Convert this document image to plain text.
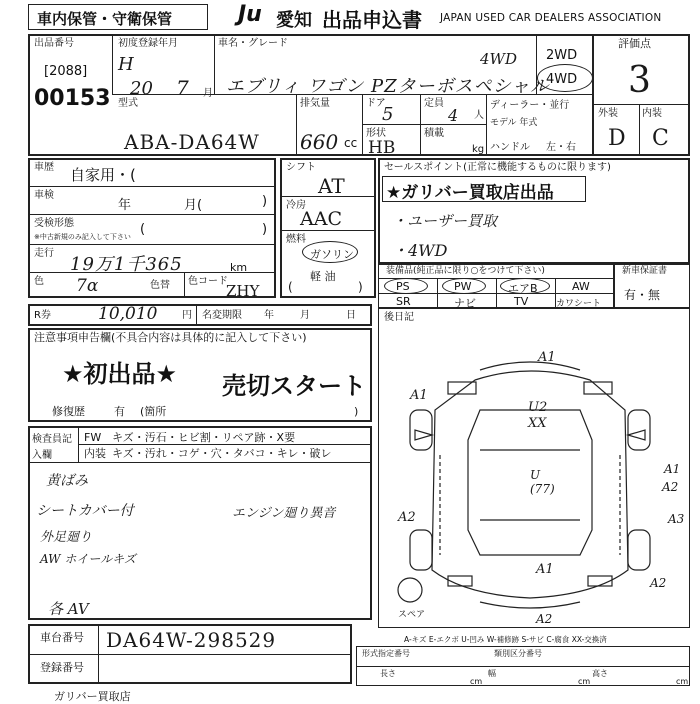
車内保管・守衛保管	Ju 愛知 出品申込書 JAPAN USED CAR DEALERS ASSOCIATION
出品番号
[2088]
00153
初度登録年月
H
20 7 月
車名・グレード
4WD
エブリィ ワゴン PZターボスペシャル
2WD
4WD
評価点
3
外装 内装
D C
型式
ABA-DA64W
排気量
660 cc
ドア
5
形状
HB
定員
4 人
積載
kg
ディーラー・並行
モデル 年式
ハンドル 左・右
車歴 自家用・(
車検
年	月(	)
受検形態
※中古新規のみ記入して下さい (	)
走行
19万1千365	km
色 7α	色替 色コード
ZHY
シフト
AT
冷房
AAC
燃料
ガソリン
軽 油
(	)
セールスポイント(正常に機能するものに限ります)
★ガリバー買取店出品
・ユーザー買取
・4WD
装備品(純正品に限り○をつけて下さい)
PS	PW	エアB	AW
SR	ナビ	TV	カワシート
新車保証書
有・無
R券	10,010 円 名変期限 年	月	日	後日記
注意事項申告欄(不具合内容は具体的に記入して下さい)
★初出品★ 売切スタート
修復歴	有 (箇所	)
検査員記入欄
FW キズ・汚石・ヒビ割・リペア跡・X要
内装 キズ・汚れ・コゲ・穴・タバコ・キレ・破レ
黄ばみ
シートカバー付	エンジン廻り異音
外足廻り
AW ホイールキズ
各 AV
A1
A1
U2 XX
U (77)
A2
A1
A2
A3
A1
A2
A2
スペア
A-キズ E-エクボ U-凹み W-補修跡 S-サビ C-腐食 XX-交換済
車台番号 DA64W-298529
登録番号
形式指定番号	類別区分番号
長さ
cm
幅
cm
高さ
cm
ガリバー買取店
